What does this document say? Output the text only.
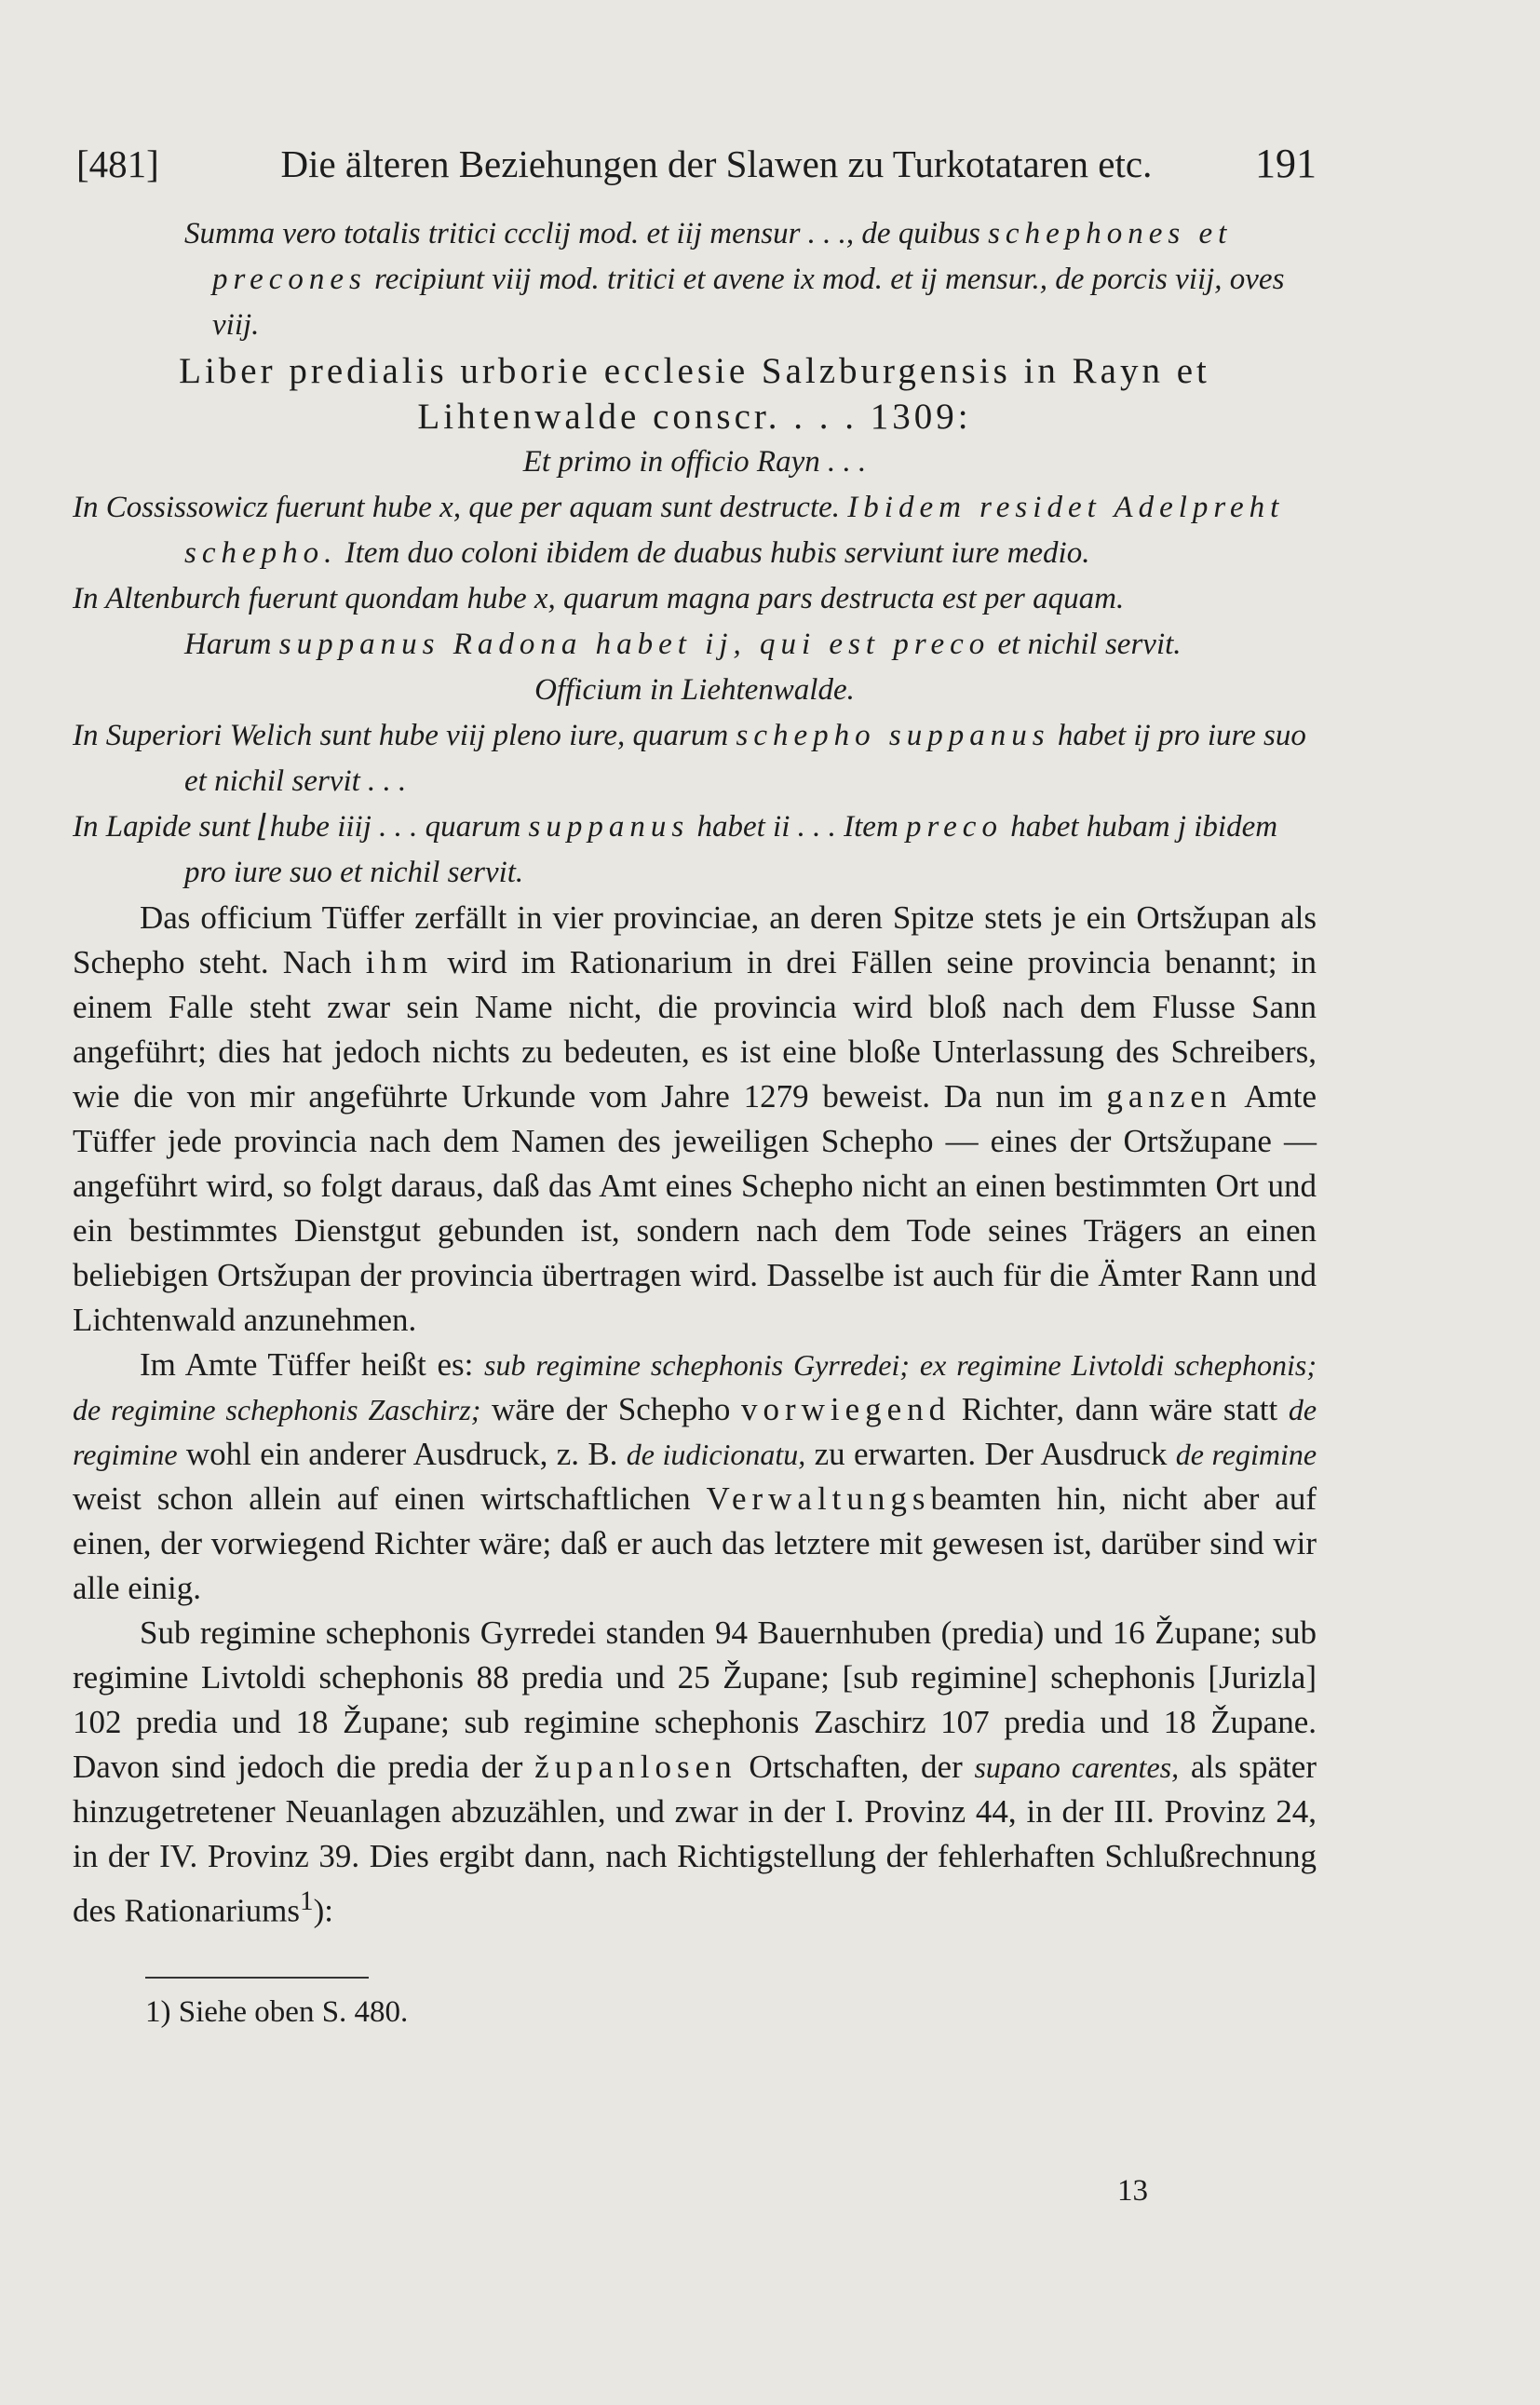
[481]	Die älteren Beziehungen der Slawen zu Turkotataren etc.	191

Summa vero totalis tritici ccclij mod. et iij mensur . . ., de quibus schephones et precones recipiunt viij mod. tritici et avene ix mod. et ij mensur., de porcis viij, oves viij.

Liber predialis urborie ecclesie Salzburgensis in Rayn et
Lihtenwalde conscr. . . . 1309:

Et primo in officio Rayn . . .

In Cossissowicz fuerunt hube x, que per aquam sunt destructe. Ibidem residet Adelpreht schepho. Item duo coloni ibidem de duabus hubis serviunt iure medio.

In Altenburch fuerunt quondam hube x, quarum magna pars destructa est per aquam.

Harum suppanus Radona habet ij, qui est preco et nichil servit.

Officium in Liehtenwalde.

In Superiori Welich sunt hube viij pleno iure, quarum schepho suppanus habet ij pro iure suo et nichil servit . . .

In Lapide sunt ⌊hube iiij . . . quarum suppanus habet ii . . . Item preco habet hubam j ibidem pro iure suo et nichil servit.

Das officium Tüffer zerfällt in vier provinciae, an deren Spitze stets je ein Ortsžupan als Schepho steht. Nach ihm wird im Rationarium in drei Fällen seine provincia benannt; in einem Falle steht zwar sein Name nicht, die provincia wird bloß nach dem Flusse Sann angeführt; dies hat jedoch nichts zu bedeuten, es ist eine bloße Unterlassung des Schreibers, wie die von mir angeführte Urkunde vom Jahre 1279 beweist. Da nun im ganzen Amte Tüffer jede provincia nach dem Namen des jeweiligen Schepho — eines der Ortsžupane — angeführt wird, so folgt daraus, daß das Amt eines Schepho nicht an einen bestimmten Ort und ein bestimmtes Dienstgut gebunden ist, sondern nach dem Tode seines Trägers an einen beliebigen Ortsžupan der provincia übertragen wird. Dasselbe ist auch für die Ämter Rann und Lichtenwald anzunehmen.

Im Amte Tüffer heißt es: sub regimine schephonis Gyrredei; ex regimine Livtoldi schephonis; de regimine schephonis Zaschirz; wäre der Schepho vorwiegend Richter, dann wäre statt de regimine wohl ein anderer Ausdruck, z. B. de iudicionatu, zu erwarten. Der Ausdruck de regimine weist schon allein auf einen wirtschaftlichen Verwaltungsbeamten hin, nicht aber auf einen, der vorwiegend Richter wäre; daß er auch das letztere mit gewesen ist, darüber sind wir alle einig.

Sub regimine schephonis Gyrredei standen 94 Bauernhuben (predia) und 16 Župane; sub regimine Livtoldi schephonis 88 predia und 25 Župane; [sub regimine] schephonis [Jurizla] 102 predia und 18 Župane; sub regimine schephonis Zaschirz 107 predia und 18 Župane. Davon sind jedoch die predia der županlosen Ortschaften, der supano carentes, als später hinzugetretener Neuanlagen abzuzählen, und zwar in der I. Provinz 44, in der III. Provinz 24, in der IV. Provinz 39. Dies ergibt dann, nach Richtigstellung der fehlerhaften Schlußrechnung des Rationariums$^1$):

1) Siehe oben S. 480.

13
